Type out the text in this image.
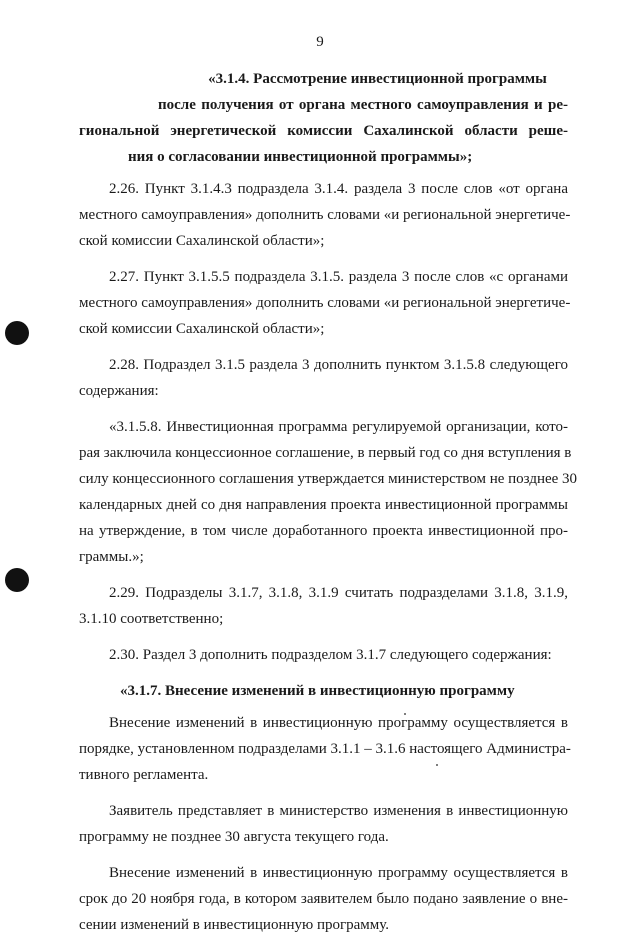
9
«3.1.4. Рассмотрение инвестиционной программы
после получения от органа местного самоуправления и ре-
гиональной энергетической комиссии Сахалинской области реше-
ния о согласовании инвестиционной программы»;
2.26. Пункт 3.1.4.3 подраздела 3.1.4. раздела 3 после слов «от органа
местного самоуправления» дополнить словами «и региональной энергетиче-
ской комиссии Сахалинской области»;
2.27. Пункт 3.1.5.5 подраздела 3.1.5. раздела 3 после слов «с органами
местного самоуправления» дополнить словами «и региональной энергетиче-
ской комиссии Сахалинской области»;
2.28. Подраздел 3.1.5 раздела 3 дополнить пунктом 3.1.5.8 следующего
содержания:
«3.1.5.8. Инвестиционная программа регулируемой организации, кото-
рая заключила концессионное соглашение, в первый год со дня вступления в
силу концессионного соглашения утверждается министерством не позднее 30
календарных дней со дня направления проекта инвестиционной программы
на утверждение, в том числе доработанного проекта инвестиционной про-
граммы.»;
2.29. Подразделы 3.1.7, 3.1.8, 3.1.9 считать подразделами 3.1.8, 3.1.9,
3.1.10 соответственно;
2.30. Раздел 3 дополнить подразделом 3.1.7 следующего содержания:
«3.1.7. Внесение изменений в инвестиционную программу
Внесение изменений в инвестиционную программу осуществляется в
порядке, установленном подразделами 3.1.1 – 3.1.6 настоящего Администра-
тивного регламента.
Заявитель представляет в министерство изменения в инвестиционную
программу не позднее 30 августа текущего года.
Внесение изменений в инвестиционную программу осуществляется в
срок до 20 ноября года, в котором заявителем было подано заявление о вне-
сении изменений в инвестиционную программу.
